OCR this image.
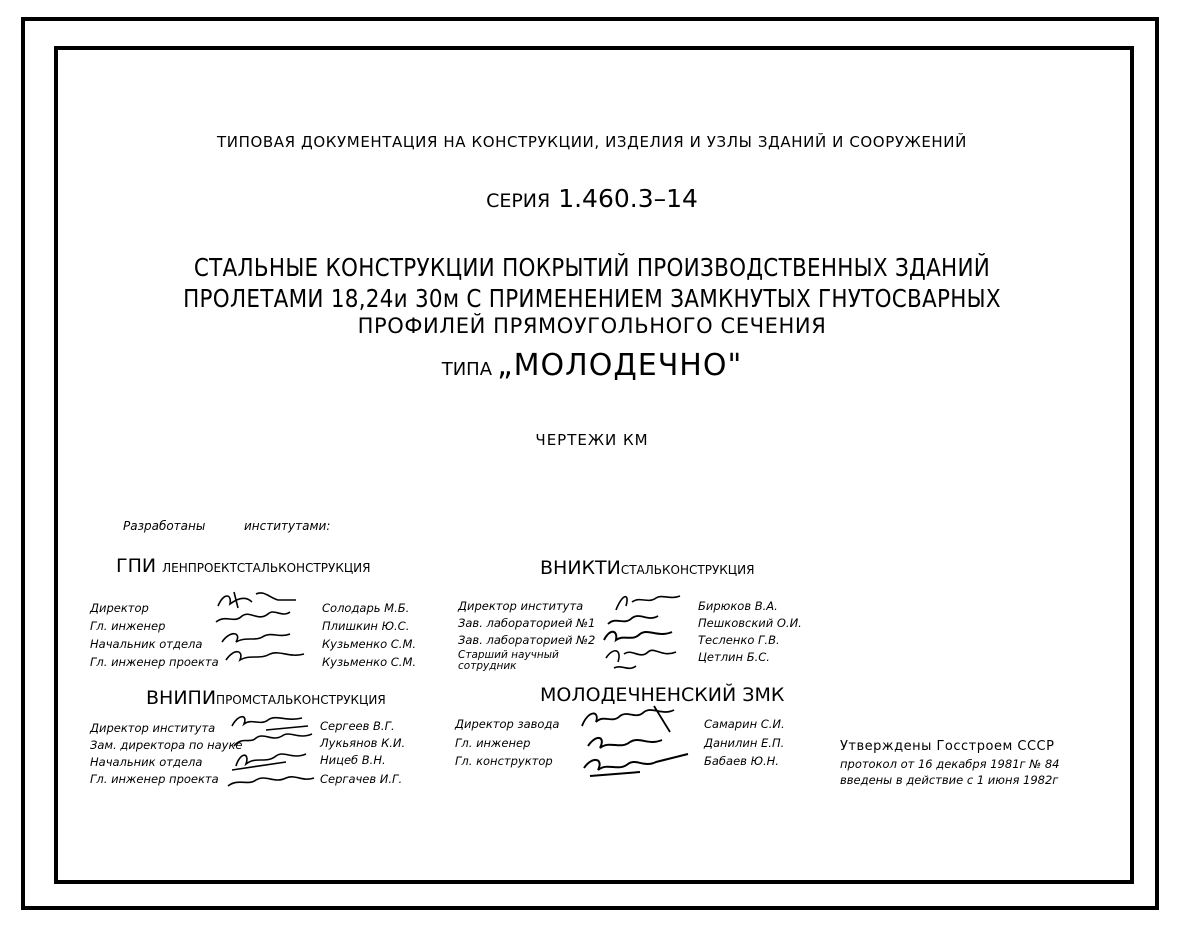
ТИПОВАЯ ДОКУМЕНТАЦИЯ НА КОНСТРУКЦИИ, ИЗДЕЛИЯ И УЗЛЫ ЗДАНИЙ И СООРУЖЕНИЙ
СЕРИЯ 1.460.3–14
СТАЛЬНЫЕ КОНСТРУКЦИИ ПОКРЫТИЙ ПРОИЗВОДСТВЕННЫХ ЗДАНИЙ
ПРОЛЕТАМИ 18,24и 30м С ПРИМЕНЕНИЕМ ЗАМКНУТЫХ ГНУТОСВАРНЫХ
ПРОФИЛЕЙ ПРЯМОУГОЛЬНОГО СЕЧЕНИЯ
ТИПА „МОЛОДЕЧНО"
ЧЕРТЕЖИ КМ
Разработаны	институтами:
ГПИ ЛЕНПРОЕКТСТАЛЬКОНСТРУКЦИЯ
Директор
Гл. инженер
Начальник отдела
Гл. инженер проекта
Солодарь М.Б.
Плишкин Ю.С.
Кузьменко С.М.
Кузьменко С.М.
ВНИКТИСТАЛЬКОНСТРУКЦИЯ
Директор института
Зав. лабораторией №1
Зав. лабораторией №2
Старший научный сотрудник
Бирюков В.А.
Пешковский О.И.
Тесленко Г.В.
Цетлин Б.С.
ВНИПИПРОМСТАЛЬКОНСТРУКЦИЯ
Директор института
Зам. директора по науке
Начальник отдела
Гл. инженер проекта
Сергеев В.Г.
Лукьянов К.И.
Ницеб В.Н.
Сергачев И.Г.
МОЛОДЕЧНЕНСКИЙ ЗМК
Директор завода
Гл. инженер
Гл. конструктор
Самарин С.И.
Данилин Е.П.
Бабаев Ю.Н.
Утверждены Госстроем СССР
протокол от 16 декабря 1981г № 84
введены в действие с 1 июня 1982г
